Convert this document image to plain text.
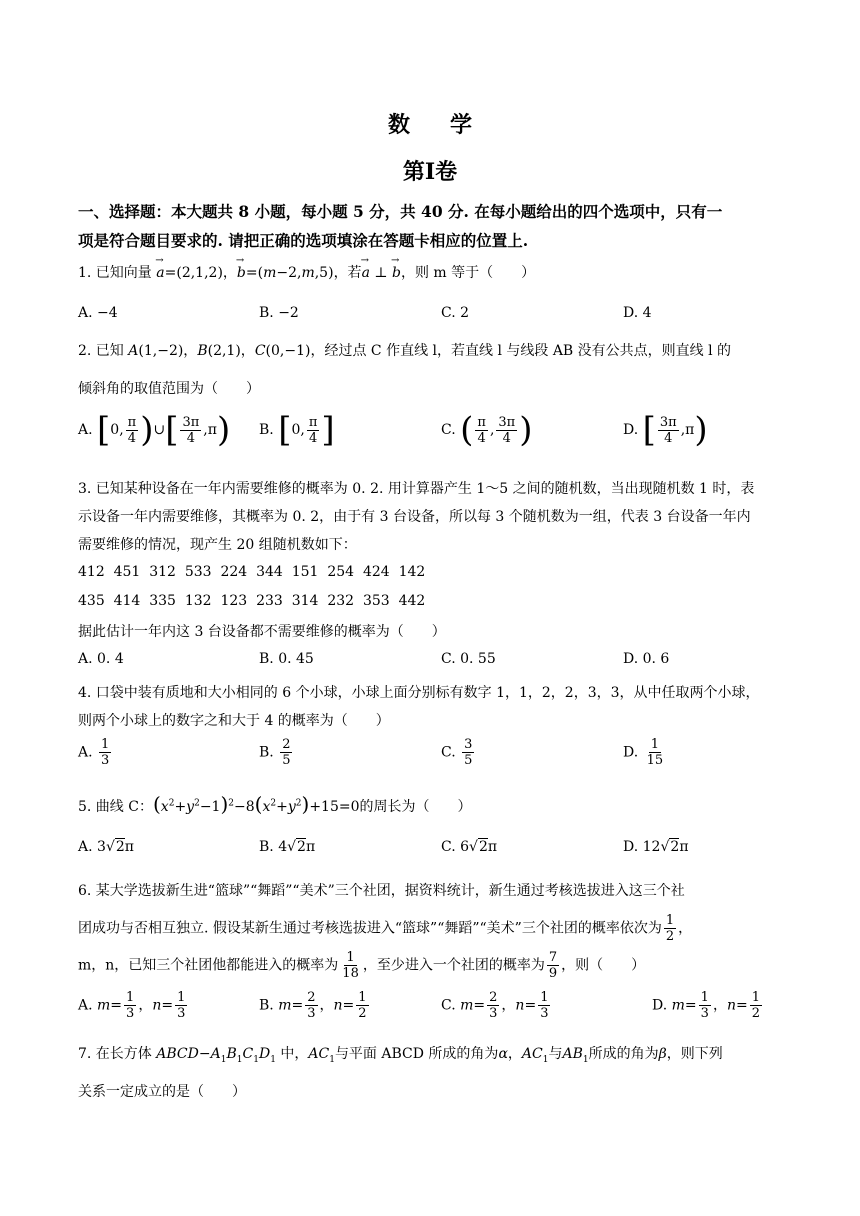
数 学
第Ⅰ卷
一、选择题：本大题共 8 小题，每小题 5 分，共 40 分. 在每小题给出的四个选项中，只有一
项是符合题目要求的. 请把正确的选项填涂在答题卡相应的位置上.
1. 已知向量 → a=(2,1,2)，→ b=(m−2,m,5)，若→ a ⊥ → b，则 m 等于（　　）
A. −4	B. −2	C. 2	D. 4
2. 已知 A(1,−2)，B(2,1)，C(0,−1)，经过点 C 作直线 l，若直线 l 与线段 AB 没有公共点，则直线 l 的
倾斜角的取值范围为（　　）
A. [0, $\frac{\pi}{4}$ )∪[ $\frac{3\pi}{4} ,\pi$) B. [0, $\frac{\pi}{4}$ ]	C. ( $\frac{\pi}{4}$ , $\frac{3\pi}{4}$ )	D. [ $\frac{3\pi}{4} ,\pi$)
3. 已知某种设备在一年内需要维修的概率为 0. 2. 用计算器产生 1～5 之间的随机数，当出现随机数 1 时，表
示设备一年内需要维修，其概率为 0. 2，由于有 3 台设备，所以每 3 个随机数为一组，代表 3 台设备一年内
需要维修的情况，现产生 20 组随机数如下：
412  451  312  533  224  344  151  254  424  142
435  414  335  132  123  233  314  232  353  442
据此估计一年内这 3 台设备都不需要维修的概率为（　　）
A. 0. 4	B. 0. 45	C. 0. 55	D. 0. 6
4. 口袋中装有质地和大小相同的 6 个小球，小球上面分别标有数字 1，1，2，2，3，3，从中任取两个小球，
则两个小球上的数字之和大于 4 的概率为（　　）
A. $\frac{1}{3}$	B. $\frac{2}{5}$	C. $\frac{3}{5}$	D. $\frac{1}{15}$
5. 曲线 C：$(x^2+y^2-1)^2-8(x^2+y^2)+15=0$的周长为（　　）
A. 3√2π	B. 4√2π	C. 6√2π	D. 12√2π
6. 某大学选拔新生进“篮球”“舞蹈”“美术”三个社团，据资料统计，新生通过考核选拔进入这三个社
团成功与否相互独立. 假设某新生通过考核选拔进入“篮球”“舞蹈”“美术”三个社团的概率依次为 $\frac{1}{2}$ ，
m，n，已知三个社团他都能进入的概率为 $\frac{1}{18}$ ，至少进入一个社团的概率为 $\frac{7}{9}$ ，则（　　）
A. $m= \frac{1}{3}$ ，$n= \frac{1}{3}$	B. $m= \frac{2}{3}$ ，$n= \frac{1}{2}$	C. $m= \frac{2}{3}$ ，$n= \frac{1}{3}$	D. $m= \frac{1}{3}$ ，$n= \frac{1}{2}$
7. 在长方体 $ABCD-A_1B_1C_1D_1$ 中，$AC_1$与平面 ABCD 所成的角为α，$AC_1$与$AB_1$所成的角为β，则下列
关系一定成立的是（　　）
